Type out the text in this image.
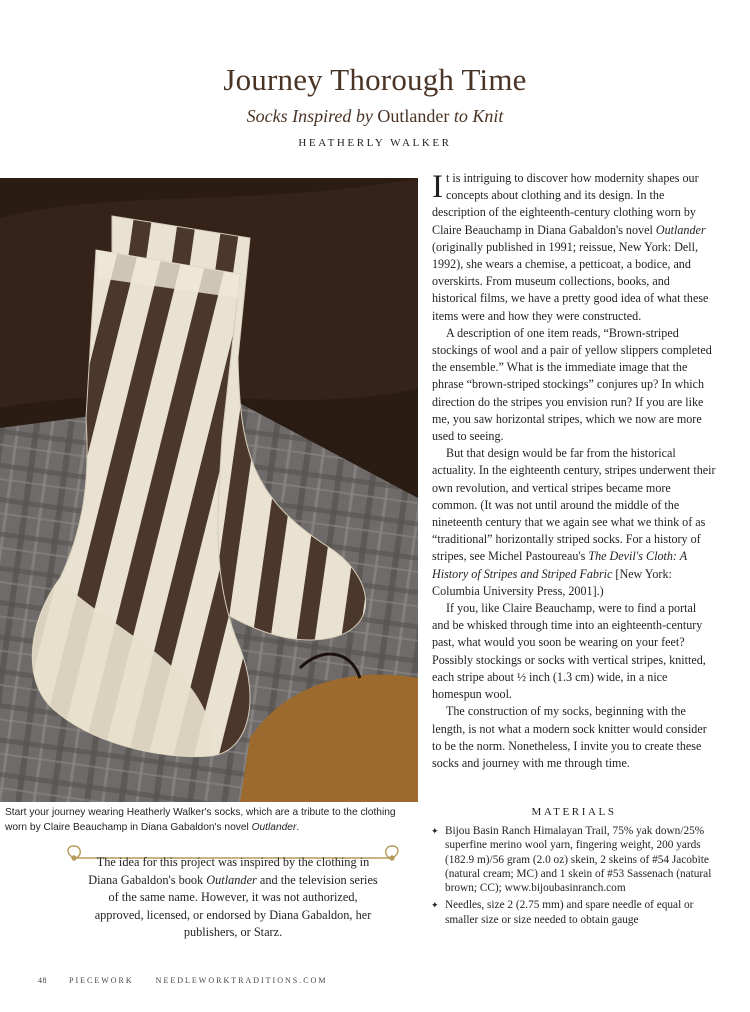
Journey Thorough Time
Socks Inspired by Outlander to Knit
HEATHERLY WALKER

Start your journey wearing Heatherly Walker's socks, which are a tribute to the clothing worn by Claire Beauchamp in Diana Gabaldon's novel Outlander.

The idea for this project was inspired by the clothing in Diana Gabaldon's book Outlander and the television series of the same name. However, it was not authorized, approved, licensed, or endorsed by Diana Gabaldon, her publishers, or Starz.

It is intriguing to discover how modernity shapes our concepts about clothing and its design. In the description of the eighteenth-century clothing worn by Claire Beauchamp in Diana Gabaldon's novel Outlander (originally published in 1991; reissue, New York: Dell, 1992), she wears a chemise, a petticoat, a bodice, and overskirts. From museum collections, books, and historical films, we have a pretty good idea of what these items were and how they were constructed.

A description of one item reads, “Brown-striped stockings of wool and a pair of yellow slippers completed the ensemble.” What is the immediate image that the phrase “brown-striped stockings” conjures up? In which direction do the stripes you envision run? If you are like me, you saw horizontal stripes, which we now are more used to seeing.

But that design would be far from the historical actuality. In the eighteenth century, stripes underwent their own revolution, and vertical stripes became more common. (It was not until around the middle of the nineteenth century that we again see what we think of as “traditional” horizontally striped socks. For a history of stripes, see Michel Pastoureau's The Devil's Cloth: A History of Stripes and Striped Fabric [New York: Columbia University Press, 2001].)

If you, like Claire Beauchamp, were to find a portal and be whisked through time into an eighteenth-century past, what would you soon be wearing on your feet? Possibly stockings or socks with vertical stripes, knitted, each stripe about ½ inch (1.3 cm) wide, in a nice homespun wool.

The construction of my socks, beginning with the length, is not what a modern sock knitter would consider to be the norm. Nonetheless, I invite you to create these socks and journey with me through time.

MATERIALS
✦ Bijou Basin Ranch Himalayan Trail, 75% yak down/25% superfine merino wool yarn, fingering weight, 200 yards (182.9 m)/56 gram (2.0 oz) skein, 2 skeins of #54 Jacobite (natural cream; MC) and 1 skein of #53 Sassenach (natural brown; CC); www.bijoubasinranch.com
✦ Needles, size 2 (2.75 mm) and spare needle of equal or smaller size or size needed to obtain gauge
48	PIECEWORK	NEEDLEWORKTRADITIONS.COM
